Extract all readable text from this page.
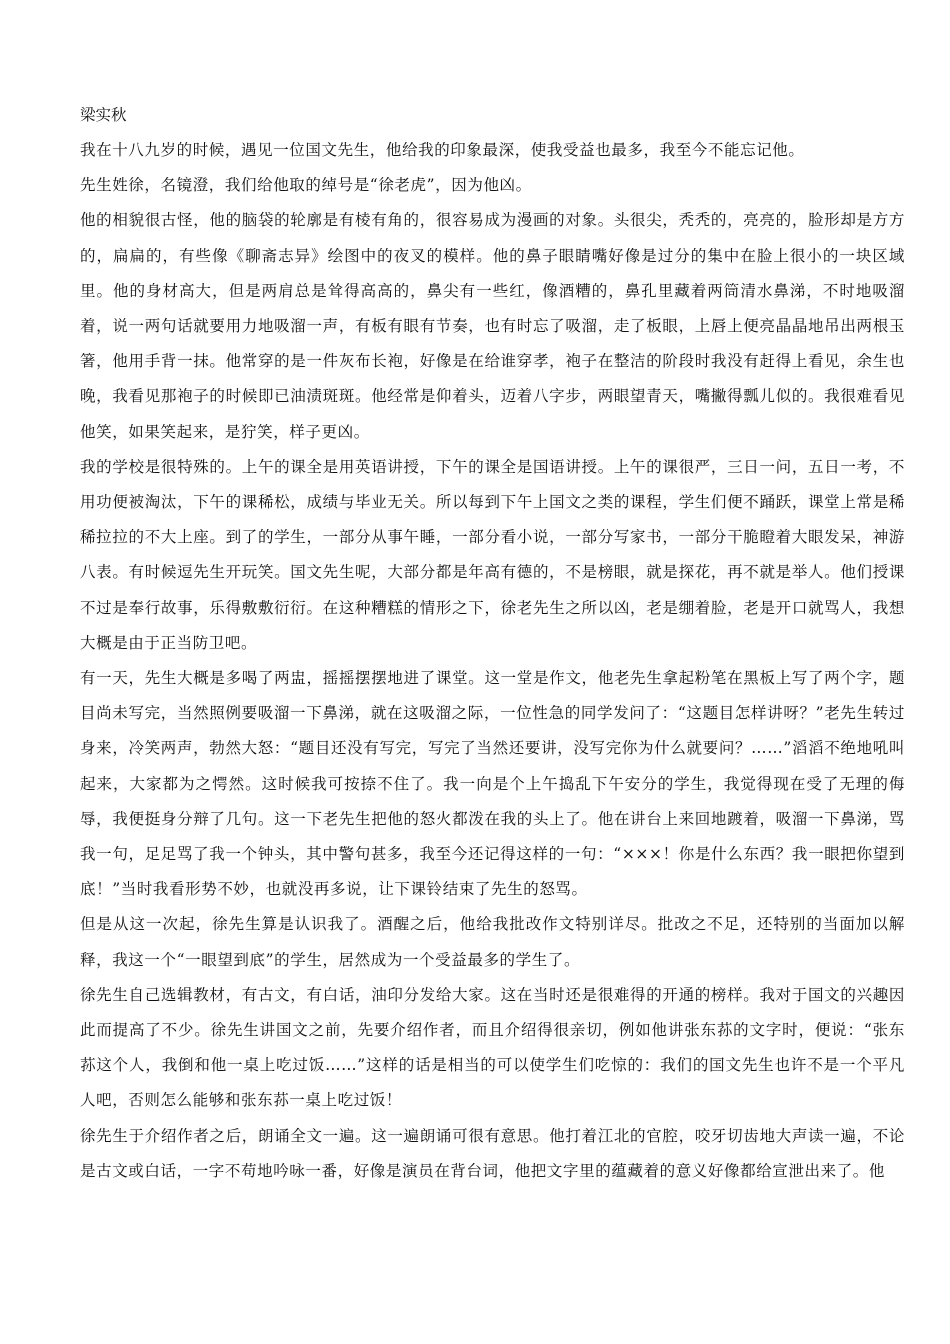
梁实秋

我在十八九岁的时候，遇见一位国文先生，他给我的印象最深，使我受益也最多，我至今不能忘记他。

先生姓徐，名镜澄，我们给他取的绰号是“徐老虎”，因为他凶。

他的相貌很古怪，他的脑袋的轮廓是有棱有角的，很容易成为漫画的对象。头很尖，秃秃的，亮亮的，脸形却是方方的，扁扁的，有些像《聊斋志异》绘图中的夜叉的模样。他的鼻子眼睛嘴好像是过分的集中在脸上很小的一块区域里。他的身材高大，但是两肩总是耸得高高的，鼻尖有一些红，像酒糟的，鼻孔里藏着两筒清水鼻涕，不时地吸溜着，说一两句话就要用力地吸溜一声，有板有眼有节奏，也有时忘了吸溜，走了板眼，上唇上便亮晶晶地吊出两根玉箸，他用手背一抹。他常穿的是一件灰布长袍，好像是在给谁穿孝，袍子在整洁的阶段时我没有赶得上看见，余生也晚，我看见那袍子的时候即已油渍斑斑。他经常是仰着头，迈着八字步，两眼望青天，嘴撇得瓢儿似的。我很难看见他笑，如果笑起来，是狞笑，样子更凶。

我的学校是很特殊的。上午的课全是用英语讲授，下午的课全是国语讲授。上午的课很严，三日一问，五日一考，不用功便被淘汰，下午的课稀松，成绩与毕业无关。所以每到下午上国文之类的课程，学生们便不踊跃，课堂上常是稀稀拉拉的不大上座。到了的学生，一部分从事午睡，一部分看小说，一部分写家书，一部分干脆瞪着大眼发呆，神游八表。有时候逗先生开玩笑。国文先生呢，大部分都是年高有德的，不是榜眼，就是探花，再不就是举人。他们授课不过是奉行故事，乐得敷敷衍衍。在这种糟糕的情形之下，徐老先生之所以凶，老是绷着脸，老是开口就骂人，我想大概是由于正当防卫吧。

有一天，先生大概是多喝了两盅，摇摇摆摆地进了课堂。这一堂是作文，他老先生拿起粉笔在黑板上写了两个字，题目尚未写完，当然照例要吸溜一下鼻涕，就在这吸溜之际，一位性急的同学发问了：“这题目怎样讲呀？”老先生转过身来，冷笑两声，勃然大怒：“题目还没有写完，写完了当然还要讲，没写完你为什么就要问？……”滔滔不绝地吼叫起来，大家都为之愕然。这时候我可按捺不住了。我一向是个上午捣乱下午安分的学生，我觉得现在受了无理的侮辱，我便挺身分辩了几句。这一下老先生把他的怒火都泼在我的头上了。他在讲台上来回地踱着，吸溜一下鼻涕，骂我一句，足足骂了我一个钟头，其中警句甚多，我至今还记得这样的一句：“×××！你是什么东西？我一眼把你望到底！”当时我看形势不妙，也就没再多说，让下课铃结束了先生的怒骂。

但是从这一次起，徐先生算是认识我了。酒醒之后，他给我批改作文特别详尽。批改之不足，还特别的当面加以解释，我这一个“一眼望到底”的学生，居然成为一个受益最多的学生了。

徐先生自己选辑教材，有古文，有白话，油印分发给大家。这在当时还是很难得的开通的榜样。我对于国文的兴趣因此而提高了不少。徐先生讲国文之前，先要介绍作者，而且介绍得很亲切，例如他讲张东荪的文字时，便说：“张东荪这个人，我倒和他一桌上吃过饭……”这样的话是相当的可以使学生们吃惊的：我们的国文先生也许不是一个平凡人吧，否则怎么能够和张东荪一桌上吃过饭！

徐先生于介绍作者之后，朗诵全文一遍。这一遍朗诵可很有意思。他打着江北的官腔，咬牙切齿地大声读一遍，不论是古文或白话，一字不苟地吟咏一番，好像是演员在背台词，他把文字里的蕴藏着的意义好像都给宣泄出来了。他
